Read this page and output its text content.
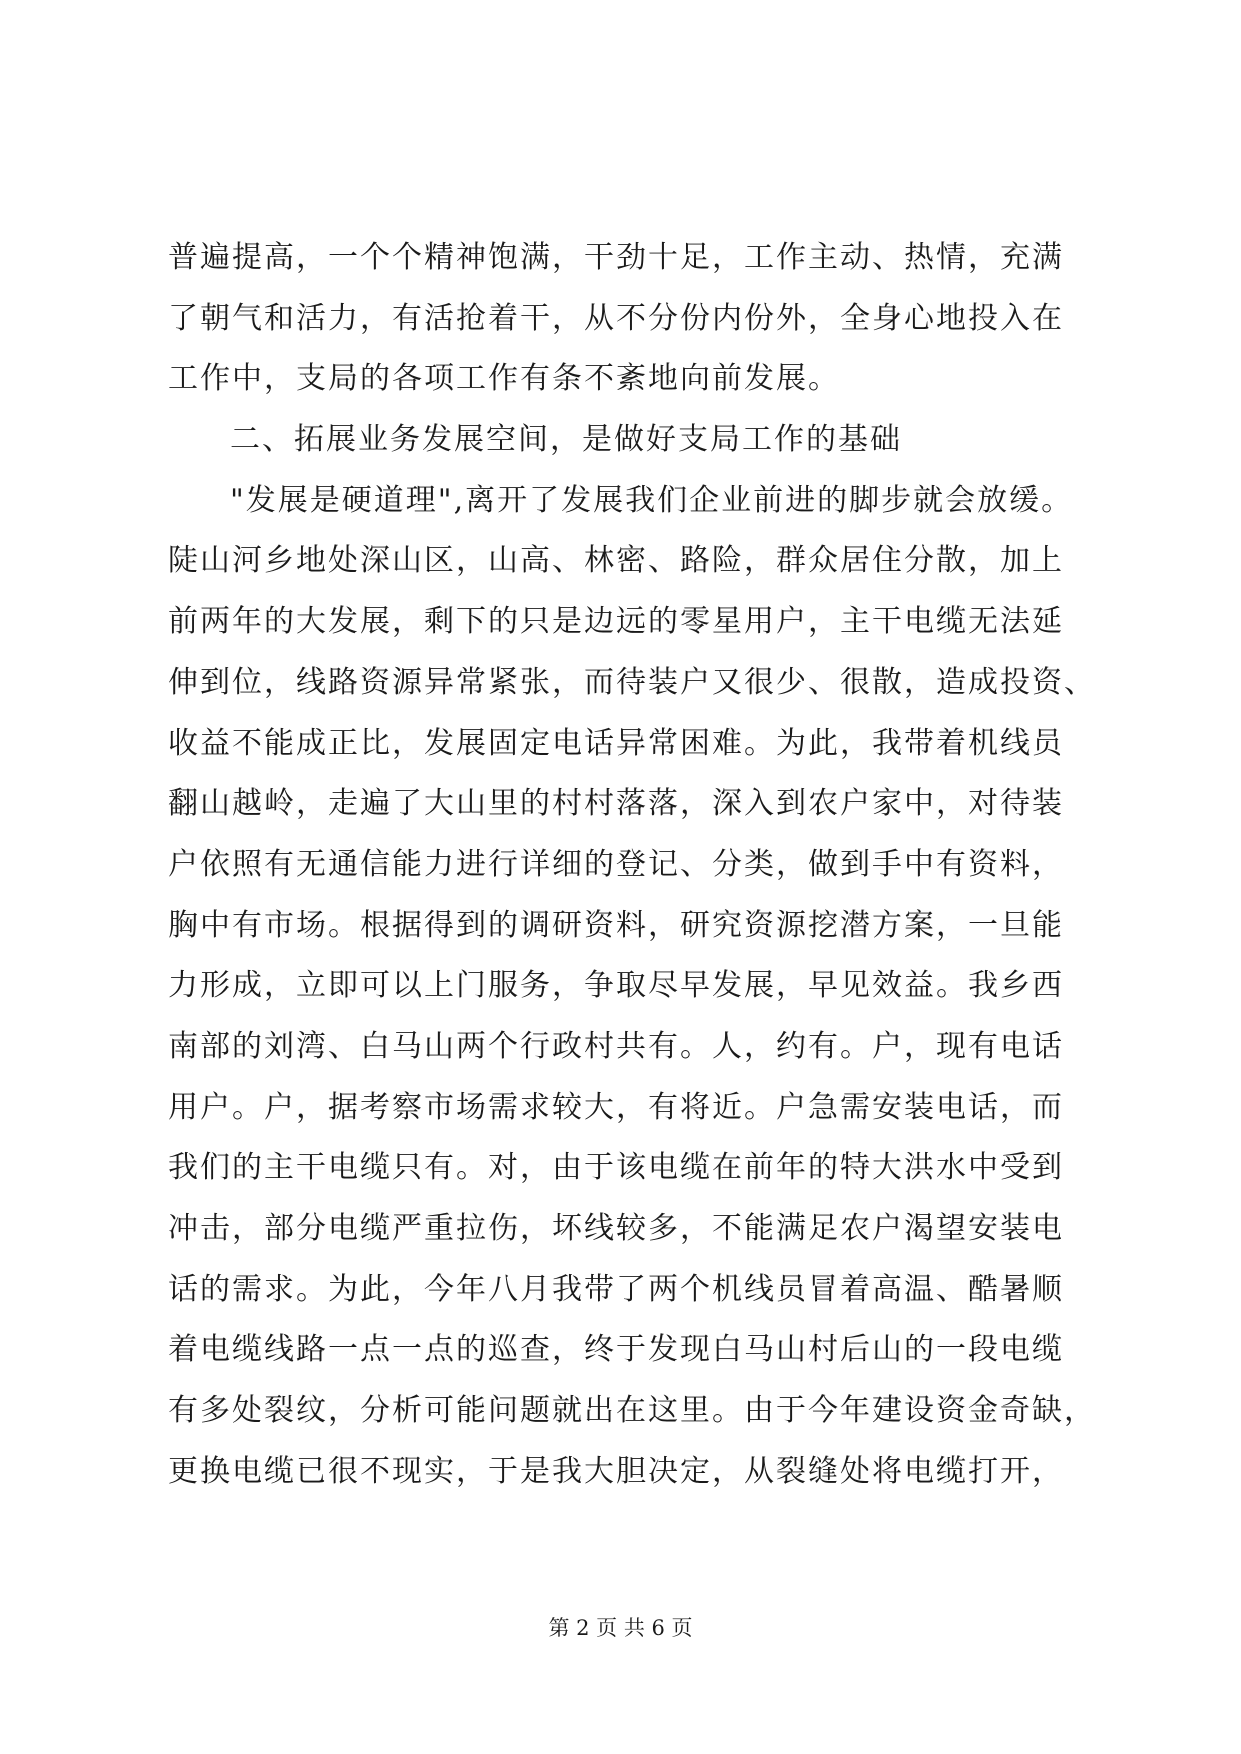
普遍提高，一个个精神饱满，干劲十足，工作主动、热情，充满
了朝气和活力，有活抢着干，从不分份内份外，全身心地投入在
工作中，支局的各项工作有条不紊地向前发展。
二、拓展业务发展空间，是做好支局工作的基础
"发展是硬道理",离开了发展我们企业前进的脚步就会放缓。
陡山河乡地处深山区，山高、林密、路险，群众居住分散，加上
前两年的大发展，剩下的只是边远的零星用户，主干电缆无法延
伸到位，线路资源异常紧张，而待装户又很少、很散，造成投资、
收益不能成正比，发展固定电话异常困难。为此，我带着机线员
翻山越岭，走遍了大山里的村村落落，深入到农户家中，对待装
户依照有无通信能力进行详细的登记、分类，做到手中有资料，
胸中有市场。根据得到的调研资料，研究资源挖潜方案，一旦能
力形成，立即可以上门服务，争取尽早发展，早见效益。我乡西
南部的刘湾、白马山两个行政村共有。人，约有。户，现有电话
用户。户，据考察市场需求较大，有将近。户急需安装电话，而
我们的主干电缆只有。对，由于该电缆在前年的特大洪水中受到
冲击，部分电缆严重拉伤，坏线较多，不能满足农户渴望安装电
话的需求。为此，今年八月我带了两个机线员冒着高温、酷暑顺
着电缆线路一点一点的巡查，终于发现白马山村后山的一段电缆
有多处裂纹，分析可能问题就出在这里。由于今年建设资金奇缺，
更换电缆已很不现实，于是我大胆决定，从裂缝处将电缆打开，
第 2 页 共 6 页
